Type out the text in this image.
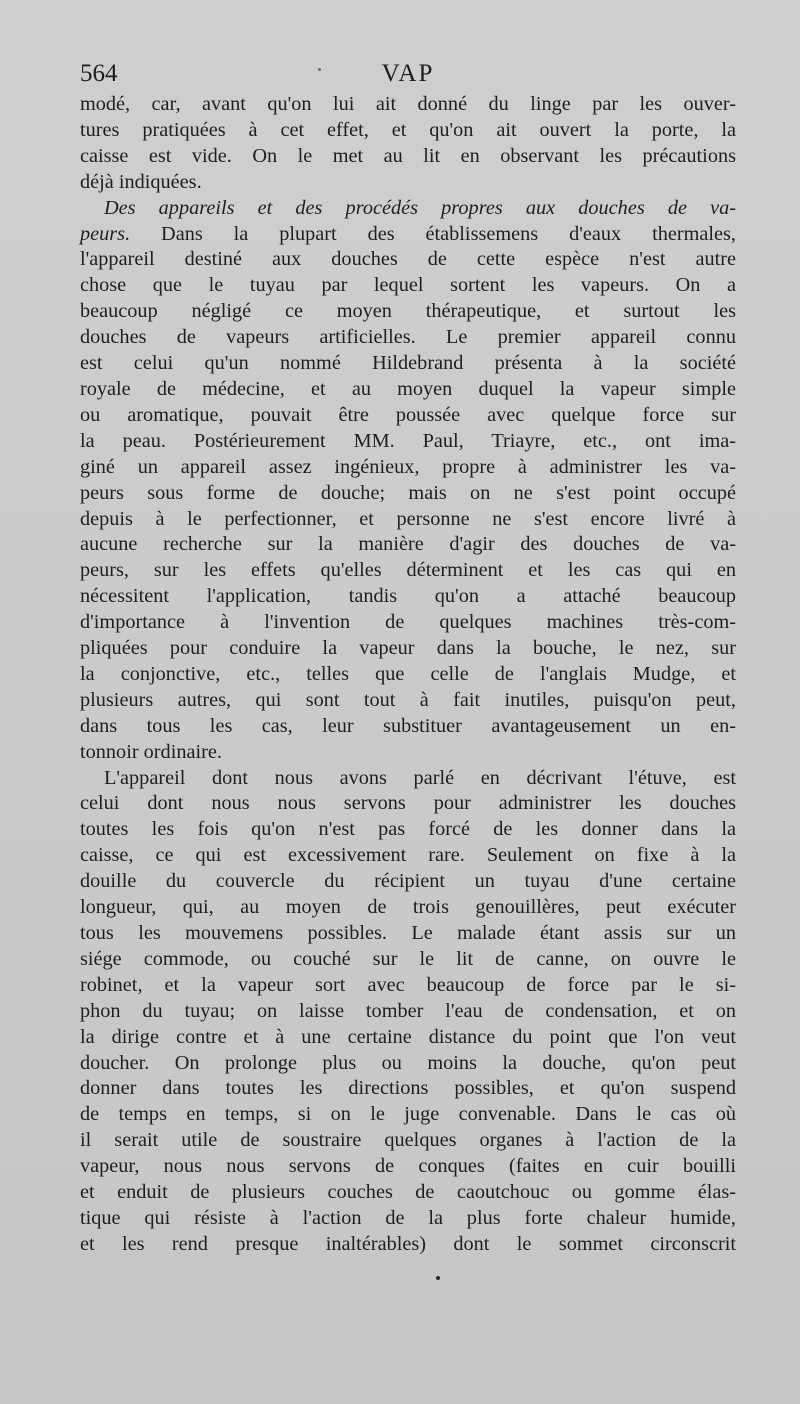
564	VAP
modé, car, avant qu'on lui ait donné du linge par les ouver-
tures pratiquées à cet effet, et qu'on ait ouvert la porte, la
caisse est vide. On le met au lit en observant les précautions
déjà indiquées.
Des appareils et des procédés propres aux douches de va-
peurs. Dans la plupart des établissemens d'eaux thermales,
l'appareil destiné aux douches de cette espèce n'est autre
chose que le tuyau par lequel sortent les vapeurs. On a
beaucoup négligé ce moyen thérapeutique, et surtout les
douches de vapeurs artificielles. Le premier appareil connu
est celui qu'un nommé Hildebrand présenta à la société
royale de médecine, et au moyen duquel la vapeur simple
ou aromatique, pouvait être poussée avec quelque force sur
la peau. Postérieurement MM. Paul, Triayre, etc., ont ima-
giné un appareil assez ingénieux, propre à administrer les va-
peurs sous forme de douche; mais on ne s'est point occupé
depuis à le perfectionner, et personne ne s'est encore livré à
aucune recherche sur la manière d'agir des douches de va-
peurs, sur les effets qu'elles déterminent et les cas qui en
nécessitent l'application, tandis qu'on a attaché beaucoup
d'importance à l'invention de quelques machines très-com-
pliquées pour conduire la vapeur dans la bouche, le nez, sur
la conjonctive, etc., telles que celle de l'anglais Mudge, et
plusieurs autres, qui sont tout à fait inutiles, puisqu'on peut,
dans tous les cas, leur substituer avantageusement un en-
tonnoir ordinaire.
L'appareil dont nous avons parlé en décrivant l'étuve, est
celui dont nous nous servons pour administrer les douches
toutes les fois qu'on n'est pas forcé de les donner dans la
caisse, ce qui est excessivement rare. Seulement on fixe à la
douille du couvercle du récipient un tuyau d'une certaine
longueur, qui, au moyen de trois genouillères, peut exécuter
tous les mouvemens possibles. Le malade étant assis sur un
siége commode, ou couché sur le lit de canne, on ouvre le
robinet, et la vapeur sort avec beaucoup de force par le si-
phon du tuyau; on laisse tomber l'eau de condensation, et on
la dirige contre et à une certaine distance du point que l'on veut
doucher. On prolonge plus ou moins la douche, qu'on peut
donner dans toutes les directions possibles, et qu'on suspend
de temps en temps, si on le juge convenable. Dans le cas où
il serait utile de soustraire quelques organes à l'action de la
vapeur, nous nous servons de conques (faites en cuir bouilli
et enduit de plusieurs couches de caoutchouc ou gomme élas-
tique qui résiste à l'action de la plus forte chaleur humide,
et les rend presque inaltérables) dont le sommet circonscrit
